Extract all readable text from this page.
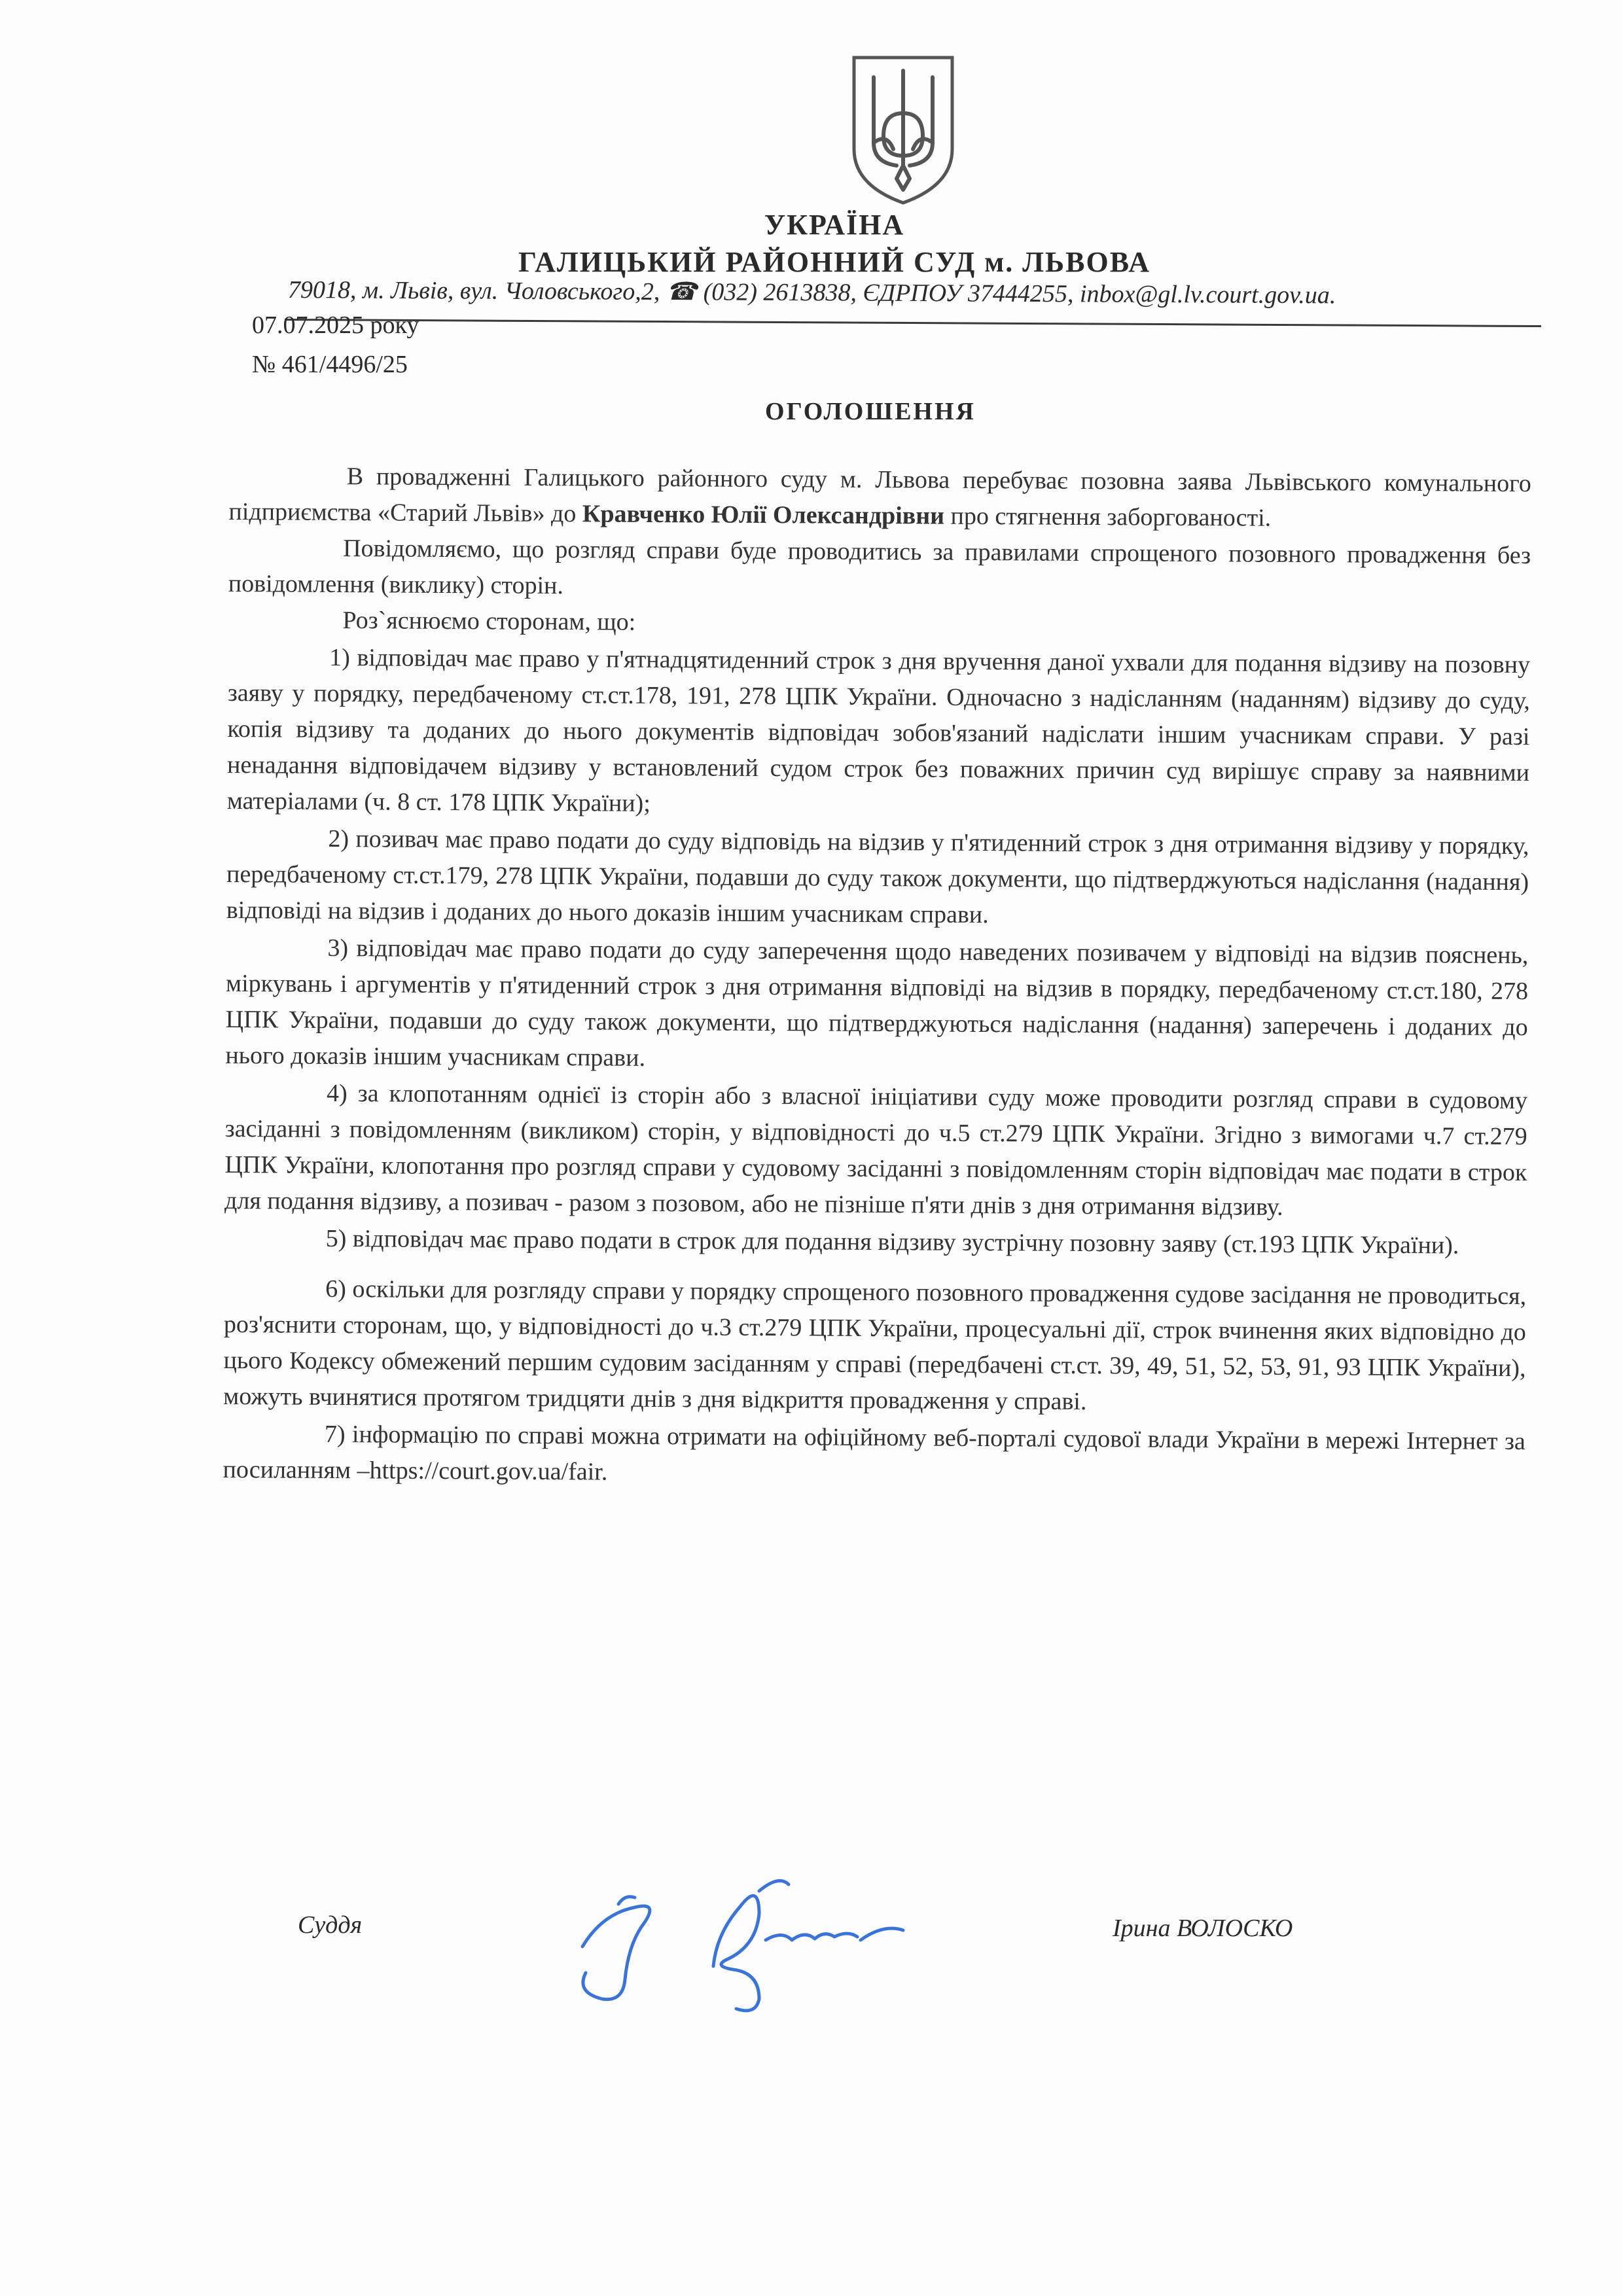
УКРАЇНА
ГАЛИЦЬКИЙ РАЙОННИЙ СУД м. ЛЬВОВА
79018, м. Львів, вул. Чоловського,2, ☎ (032) 2613838, ЄДРПОУ 37444255, inbox@gl.lv.court.gov.ua.
07.07.2025 року
№ 461/4496/25
ОГОЛОШЕННЯ

В провадженні Галицького районного суду м. Львова перебуває позовна заява Львівського комунального підприємства «Старий Львів» до Кравченко Юлії Олександрівни про стягнення заборгованості.

Повідомляємо, що розгляд справи буде проводитись за правилами спрощеного позовного провадження без повідомлення (виклику) сторін.

Роз`яснюємо сторонам, що:

1) відповідач має право у п'ятнадцятиденний строк з дня вручення даної ухвали для подання відзиву на позовну заяву у порядку, передбаченому ст.ст.178, 191, 278 ЦПК України. Одночасно з надісланням (наданням) відзиву до суду, копія відзиву та доданих до нього документів відповідач зобов'язаний надіслати іншим учасникам справи. У разі ненадання відповідачем відзиву у встановлений судом строк без поважних причин суд вирішує справу за наявними матеріалами (ч. 8 ст. 178 ЦПК України);

2) позивач має право подати до суду відповідь на відзив у п'ятиденний строк з дня отримання відзиву у порядку, передбаченому ст.ст.179, 278 ЦПК України, подавши до суду також документи, що підтверджуються надіслання (надання) відповіді на відзив і доданих до нього доказів іншим учасникам справи.

3) відповідач має право подати до суду заперечення щодо наведених позивачем у відповіді на відзив пояснень, міркувань і аргументів у п'ятиденний строк з дня отримання відповіді на відзив в порядку, передбаченому ст.ст.180, 278 ЦПК України, подавши до суду також документи, що підтверджуються надіслання (надання) заперечень і доданих до нього доказів іншим учасникам справи.

4) за клопотанням однієї із сторін або з власної ініціативи суду може проводити розгляд справи в судовому засіданні з повідомленням (викликом) сторін, у відповідності до ч.5 ст.279 ЦПК України. Згідно з вимогами ч.7 ст.279 ЦПК України, клопотання про розгляд справи у судовому засіданні з повідомленням сторін відповідач має подати в строк для подання відзиву, а позивач - разом з позовом, або не пізніше п'яти днів з дня отримання відзиву.

5) відповідач має право подати в строк для подання відзиву зустрічну позовну заяву (ст.193 ЦПК України).

6) оскільки для розгляду справи у порядку спрощеного позовного провадження судове засідання не проводиться, роз'яснити сторонам, що, у відповідності до ч.3 ст.279 ЦПК України, процесуальні дії, строк вчинення яких відповідно до цього Кодексу обмежений першим судовим засіданням у справі (передбачені ст.ст. 39, 49, 51, 52, 53, 91, 93 ЦПК України), можуть вчинятися протягом тридцяти днів з дня відкриття провадження у справі.

7) інформацію по справі можна отримати на офіційному веб-порталі судової влади України в мережі Інтернет за посиланням –https://court.gov.ua/fair.

Суддя	Ірина ВОЛОСКО
